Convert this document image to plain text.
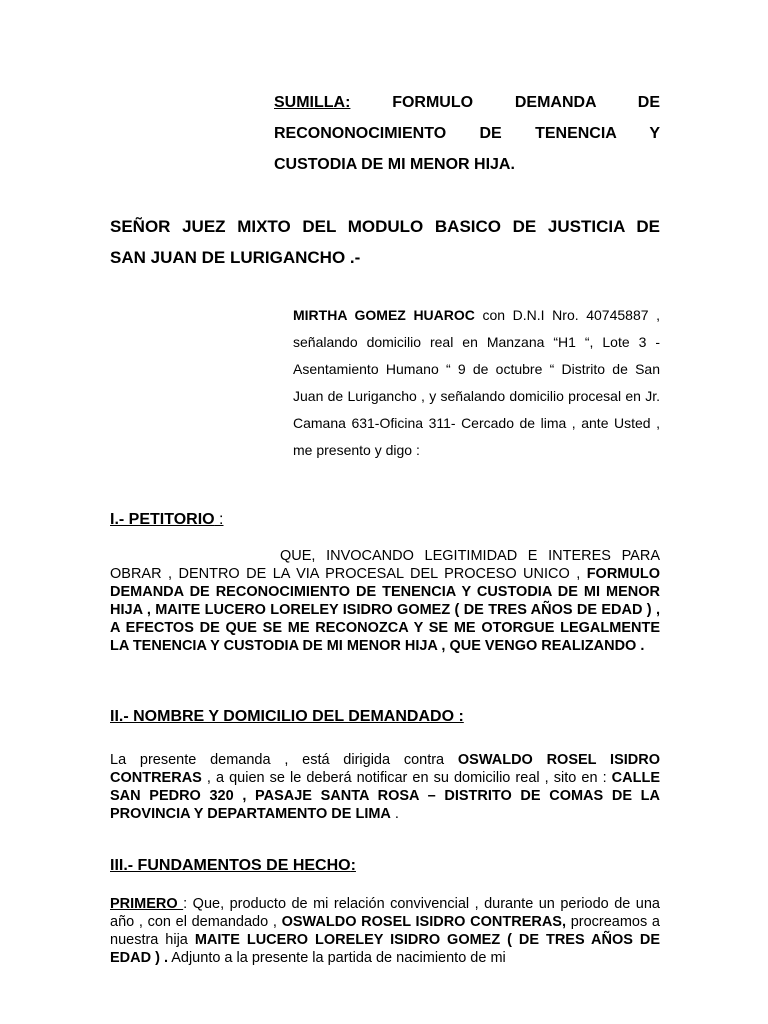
SUMILLA:	FORMULO DEMANDA DE
RECONONOCIMIENTO DE TENENCIA Y
CUSTODIA DE MI MENOR HIJA.
SEÑOR JUEZ MIXTO DEL MODULO BASICO DE JUSTICIA DE
SAN JUAN DE LURIGANCHO .-
MIRTHA GOMEZ HUAROC con D.N.I Nro. 40745887 , señalando domicilio real en Manzana “H1 “, Lote 3 - Asentamiento Humano “ 9 de octubre “ Distrito de San Juan de Lurigancho , y señalando domicilio procesal en Jr. Camana 631-Oficina 311- Cercado de lima , ante Usted , me presento y digo :
I.- PETITORIO :
QUE, INVOCANDO LEGITIMIDAD E INTERES PARA OBRAR , DENTRO DE LA VIA PROCESAL DEL PROCESO UNICO , FORMULO DEMANDA DE RECONOCIMIENTO DE TENENCIA Y CUSTODIA DE MI MENOR HIJA , MAITE LUCERO LORELEY ISIDRO GOMEZ ( DE TRES AÑOS DE EDAD ) , A EFECTOS DE QUE SE ME RECONOZCA Y SE ME OTORGUE LEGALMENTE LA TENENCIA Y CUSTODIA DE MI MENOR HIJA , QUE VENGO REALIZANDO .
II.- NOMBRE Y DOMICILIO DEL DEMANDADO :
La presente demanda , está dirigida contra OSWALDO ROSEL ISIDRO CONTRERAS , a quien se le deberá notificar en su domicilio real , sito en : CALLE SAN PEDRO 320 , PASAJE SANTA ROSA – DISTRITO DE COMAS DE LA PROVINCIA Y DEPARTAMENTO DE LIMA .
III.- FUNDAMENTOS DE HECHO:
PRIMERO : Que, producto de mi relación convivencial , durante un periodo de una año , con el demandado , OSWALDO ROSEL ISIDRO CONTRERAS, procreamos a nuestra hija MAITE LUCERO LORELEY ISIDRO GOMEZ ( DE TRES AÑOS DE EDAD ) . Adjunto a la presente la partida de nacimiento de mi
